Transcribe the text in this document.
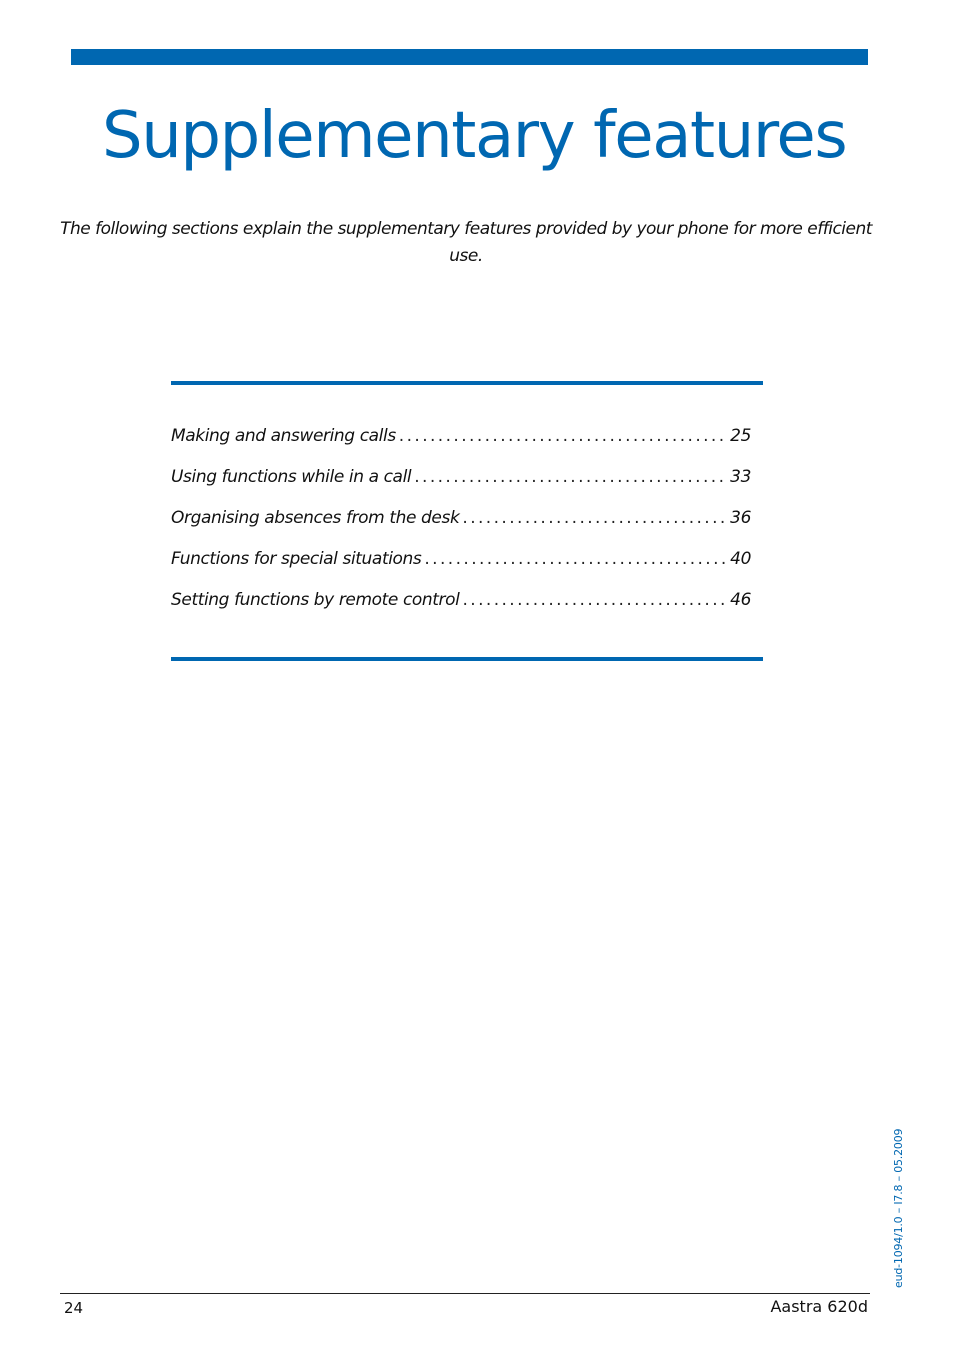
Supplementary features

The following sections explain the supplementary features provided by your phone for more efficient use.

Making and answering calls .....	25
Using functions while in a call .....	33
Organising absences from the desk .....	36
Functions for special situations .....	40
Setting functions by remote control .....	46
eud-1094/1.0 – I7.8 – 05.2009
24	Aastra 620d
